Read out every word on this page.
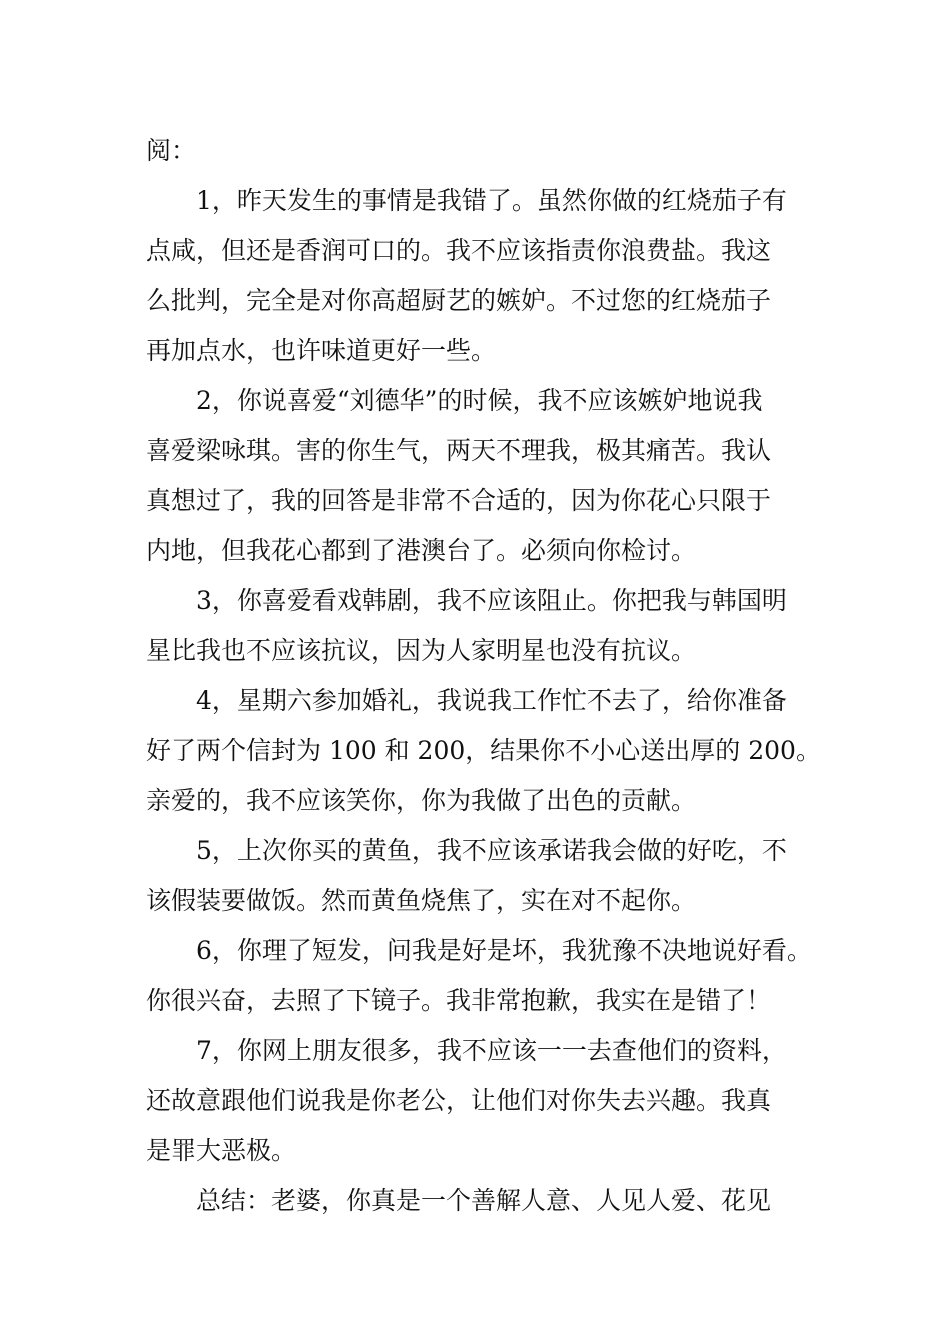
阅：
1，昨天发生的事情是我错了。虽然你做的红烧茄子有
点咸，但还是香润可口的。我不应该指责你浪费盐。我这
么批判，完全是对你高超厨艺的嫉妒。不过您的红烧茄子
再加点水，也许味道更好一些。
2，你说喜爱“刘德华”的时候，我不应该嫉妒地说我
喜爱梁咏琪。害的你生气，两天不理我，极其痛苦。我认
真想过了，我的回答是非常不合适的，因为你花心只限于
内地，但我花心都到了港澳台了。必须向你检讨。
3，你喜爱看戏韩剧，我不应该阻止。你把我与韩国明
星比我也不应该抗议，因为人家明星也没有抗议。
4，星期六参加婚礼，我说我工作忙不去了，给你准备
好了两个信封为 100 和 200，结果你不小心送出厚的 200。
亲爱的，我不应该笑你，你为我做了出色的贡献。
5，上次你买的黄鱼，我不应该承诺我会做的好吃，不
该假装要做饭。然而黄鱼烧焦了，实在对不起你。
6，你理了短发，问我是好是坏，我犹豫不决地说好看。
你很兴奋，去照了下镜子。我非常抱歉，我实在是错了！
7，你网上朋友很多，我不应该一一去查他们的资料，
还故意跟他们说我是你老公，让他们对你失去兴趣。我真
是罪大恶极。
总结：老婆，你真是一个善解人意、人见人爱、花见
